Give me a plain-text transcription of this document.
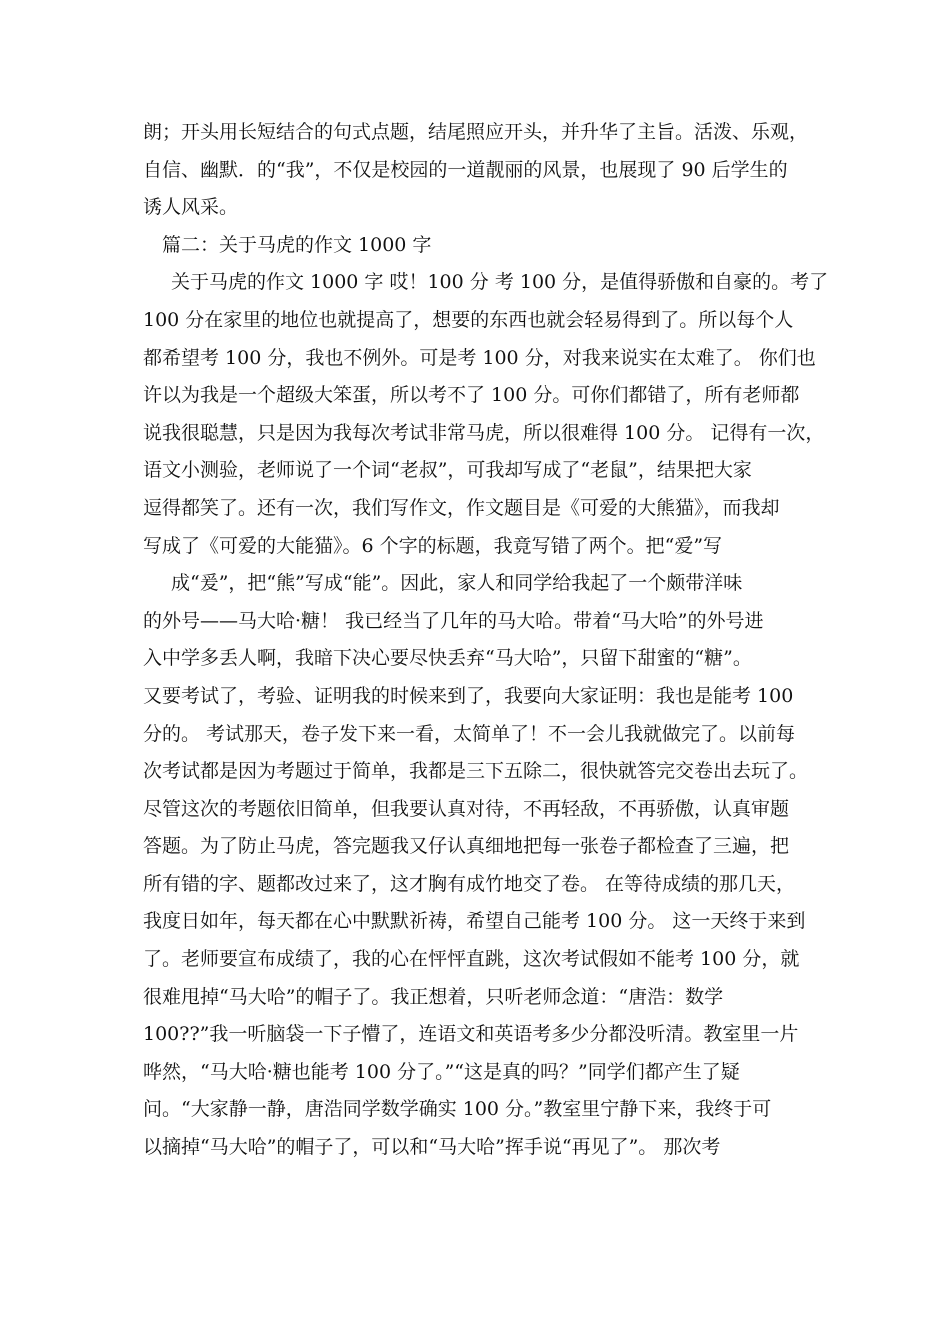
朗；开头用长短结合的句式点题，结尾照应开头，并升华了主旨。活泼、乐观，
自信、幽默．的“我”，不仅是校园的一道靓丽的风景，也展现了 90 后学生的
诱人风采。
篇二：关于马虎的作文 1000 字
关于马虎的作文 1000 字 哎！100 分 考 100 分，是值得骄傲和自豪的。考了
100 分在家里的地位也就提高了，想要的东西也就会轻易得到了。所以每个人
都希望考 100 分，我也不例外。可是考 100 分，对我来说实在太难了。 你们也
许以为我是一个超级大笨蛋，所以考不了 100 分。可你们都错了，所有老师都
说我很聪慧，只是因为我每次考试非常马虎，所以很难得 100 分。 记得有一次，
语文小测验，老师说了一个词“老叔”，可我却写成了“老鼠”，结果把大家
逗得都笑了。还有一次，我们写作文，作文题目是《可爱的大熊猫》，而我却
写成了《可爱的大能猫》。6 个字的标题，我竟写错了两个。把“爱”写
成“爰”，把“熊”写成“能”。因此，家人和同学给我起了一个颇带洋味
的外号——马大哈·糖！ 我已经当了几年的马大哈。带着“马大哈”的外号进
入中学多丢人啊，我暗下决心要尽快丢弃“马大哈”，只留下甜蜜的“糖”。
又要考试了，考验、证明我的时候来到了，我要向大家证明：我也是能考 100
分的。 考试那天，卷子发下来一看，太简单了！不一会儿我就做完了。以前每
次考试都是因为考题过于简单，我都是三下五除二，很快就答完交卷出去玩了。
尽管这次的考题依旧简单，但我要认真对待，不再轻敌，不再骄傲，认真审题
答题。为了防止马虎，答完题我又仔认真细地把每一张卷子都检查了三遍，把
所有错的字、题都改过来了，这才胸有成竹地交了卷。 在等待成绩的那几天，
我度日如年，每天都在心中默默祈祷，希望自己能考 100 分。 这一天终于来到
了。老师要宣布成绩了，我的心在怦怦直跳，这次考试假如不能考 100 分，就
很难甩掉“马大哈”的帽子了。我正想着，只听老师念道：“唐浩：数学
100??”我一听脑袋一下子懵了，连语文和英语考多少分都没听清。教室里一片
哗然，“马大哈·糖也能考 100 分了。”“这是真的吗？”同学们都产生了疑
问。“大家静一静，唐浩同学数学确实 100 分。”教室里宁静下来，我终于可
以摘掉“马大哈”的帽子了，可以和“马大哈”挥手说“再见了”。 那次考
